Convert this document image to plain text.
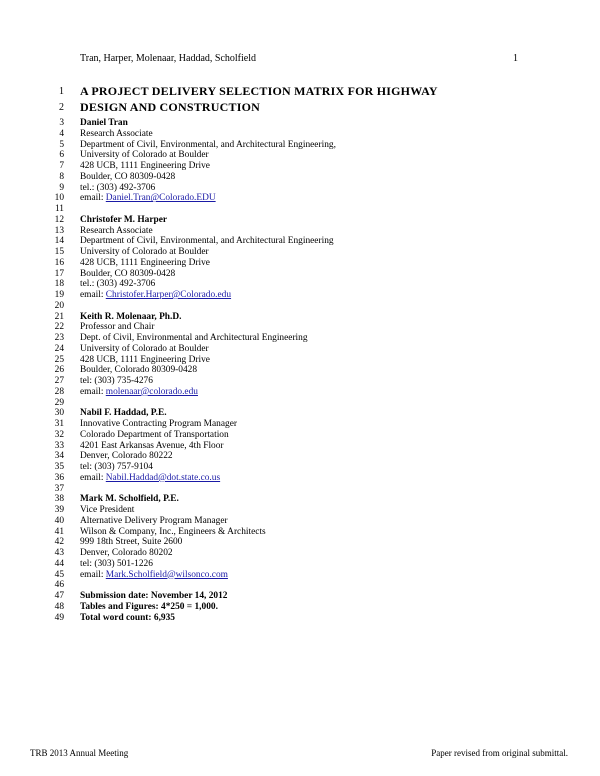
Tran, Harper, Molenaar, Haddad, Scholfield	1
1 A PROJECT DELIVERY SELECTION MATRIX FOR HIGHWAY
2 DESIGN AND CONSTRUCTION
3 Daniel Tran
4 Research Associate
5 Department of Civil, Environmental, and Architectural Engineering,
6 University of Colorado at Boulder
7 428 UCB, 1111 Engineering Drive
8 Boulder, CO 80309-0428
9 tel.: (303) 492-3706
10 email: Daniel.Tran@Colorado.EDU
11
12 Christofer M. Harper
13 Research Associate
14 Department of Civil, Environmental, and Architectural Engineering
15 University of Colorado at Boulder
16 428 UCB, 1111 Engineering Drive
17 Boulder, CO 80309-0428
18 tel.: (303) 492-3706
19 email: Christofer.Harper@Colorado.edu
20
21 Keith R. Molenaar, Ph.D.
22 Professor and Chair
23 Dept. of Civil, Environmental and Architectural Engineering
24 University of Colorado at Boulder
25 428 UCB, 1111 Engineering Drive
26 Boulder, Colorado 80309-0428
27 tel: (303) 735-4276
28 email: molenaar@colorado.edu
29
30 Nabil F. Haddad, P.E.
31 Innovative Contracting Program Manager
32 Colorado Department of Transportation
33 4201 East Arkansas Avenue, 4th Floor
34 Denver, Colorado 80222
35 tel: (303) 757-9104
36 email: Nabil.Haddad@dot.state.co.us
37
38 Mark M. Scholfield, P.E.
39 Vice President
40 Alternative Delivery Program Manager
41 Wilson & Company, Inc., Engineers & Architects
42 999 18th Street, Suite 2600
43 Denver, Colorado 80202
44 tel: (303) 501-1226
45 email: Mark.Scholfield@wilsonco.com
46
47 Submission date: November 14, 2012
48 Tables and Figures: 4*250 = 1,000.
49 Total word count: 6,935
TRB 2013 Annual Meeting	Paper revised from original submittal.
